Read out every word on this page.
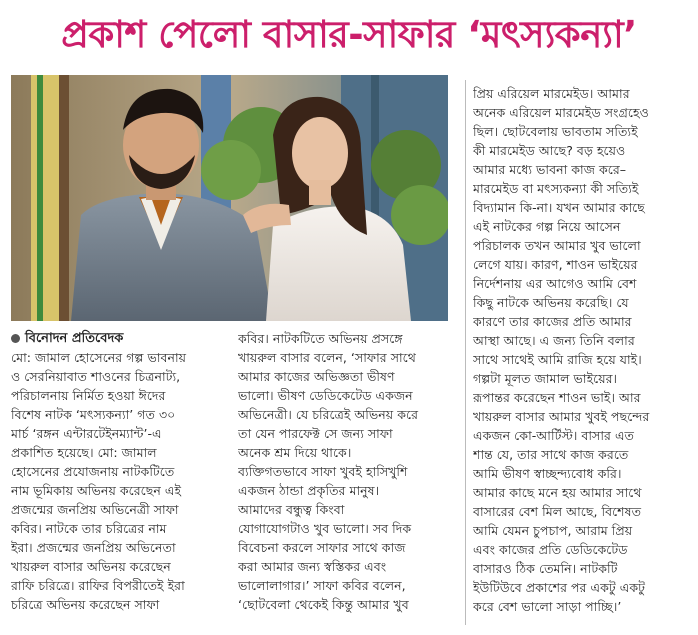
প্রকাশ পেলো বাসার-সাফার ‘মৎস্যকন্যা’
বিনোদন প্রতিবেদক
মো: জামাল হোসেনের গল্প ভাবনায়
ও সেরনিয়াবাত শাওনের চিত্রনাট্য,
পরিচালনায় নির্মিত হওয়া ঈদের
বিশেষ নাটক ‘মৎস্যকন্যা’ গত ৩০
মার্চ ‘রঙ্গন এন্টারটেইনম্যান্ট’-এ
প্রকাশিত হয়েছে। মো: জামাল
হোসেনের প্রযোজনায় নাটকটিতে
নাম ভূমিকায় অভিনয় করেছেন এই
প্রজন্মের জনপ্রিয় অভিনেত্রী সাফা
কবির। নাটকে তার চরিত্রের নাম
ইরা। প্রজন্মের জনপ্রিয় অভিনেতা
খায়রুল বাসার অভিনয় করেছেন
রাফি চরিত্রে। রাফির বিপরীতেই ইরা
চরিত্রে অভিনয় করেছেন সাফা
কবির। নাটকটিতে অভিনয় প্রসঙ্গে
খায়রুল বাসার বলেন, ‘সাফার সাথে
আমার কাজের অভিজ্ঞতা ভীষণ
ভালো। ভীষণ ডেডিকেটেড একজন
অভিনেত্রী। যে চরিত্রেই অভিনয় করে
তা যেন পারফেক্ট সে জন্য সাফা
অনেক শ্রম দিয়ে থাকে।
ব্যক্তিগতভাবে সাফা খুবই হাসিখুশি
একজন ঠান্ডা প্রকৃতির মানুষ।
আমাদের বন্ধুত্ব কিংবা
যোগাযোগটাও খুব ভালো। সব দিক
বিবেচনা করলে সাফার সাথে কাজ
করা আমার জন্য স্বস্তিকর এবং
ভালোলাগার।’ সাফা কবির বলেন,
‘ছোটবেলা থেকেই কিন্তু আমার খুব
প্রিয় এরিয়েল মারমেইড। আমার
অনেক এরিয়েল মারমেইড সংগ্রহেও
ছিল। ছোটবেলায় ভাবতাম সত্যিই
কী মারমেইড আছে? বড় হয়েও
আমার মধ্যে ভাবনা কাজ করে–
মারমেইড বা মৎস্যকন্যা কী সত্যিই
বিদ্যামান কি-না। যখন আমার কাছে
এই নাটকের গল্প নিয়ে আসেন
পরিচালক তখন আমার খুব ভালো
লেগে যায়। কারণ, শাওন ভাইয়ের
নির্দেশনায় এর আগেও আমি বেশ
কিছু নাটকে অভিনয় করেছি। যে
কারণে তার কাজের প্রতি আমার
আস্থা আছে। এ জন্য তিনি বলার
সাথে সাথেই আমি রাজি হয়ে যাই।
গল্পটা মূলত জামাল ভাইয়ের।
রূপান্তর করেছেন শাওন ভাই। আর
খায়রুল বাসার আমার খুবই পছন্দের
একজন কো-আর্টিস্ট। বাসার এত
শান্ত যে, তার সাথে কাজ করতে
আমি ভীষণ স্বাচ্ছন্দ্যবোধ করি।
আমার কাছে মনে হয় আমার সাথে
বাসারের বেশ মিল আছে, বিশেষত
আমি যেমন চুপচাপ, আরাম প্রিয়
এবং কাজের প্রতি ডেডিকেটেড
বাসারও ঠিক তেমনি। নাটকটি
ইউটিউবে প্রকাশের পর একটু একটু
করে বেশ ভালো সাড়া পাচ্ছি।’
